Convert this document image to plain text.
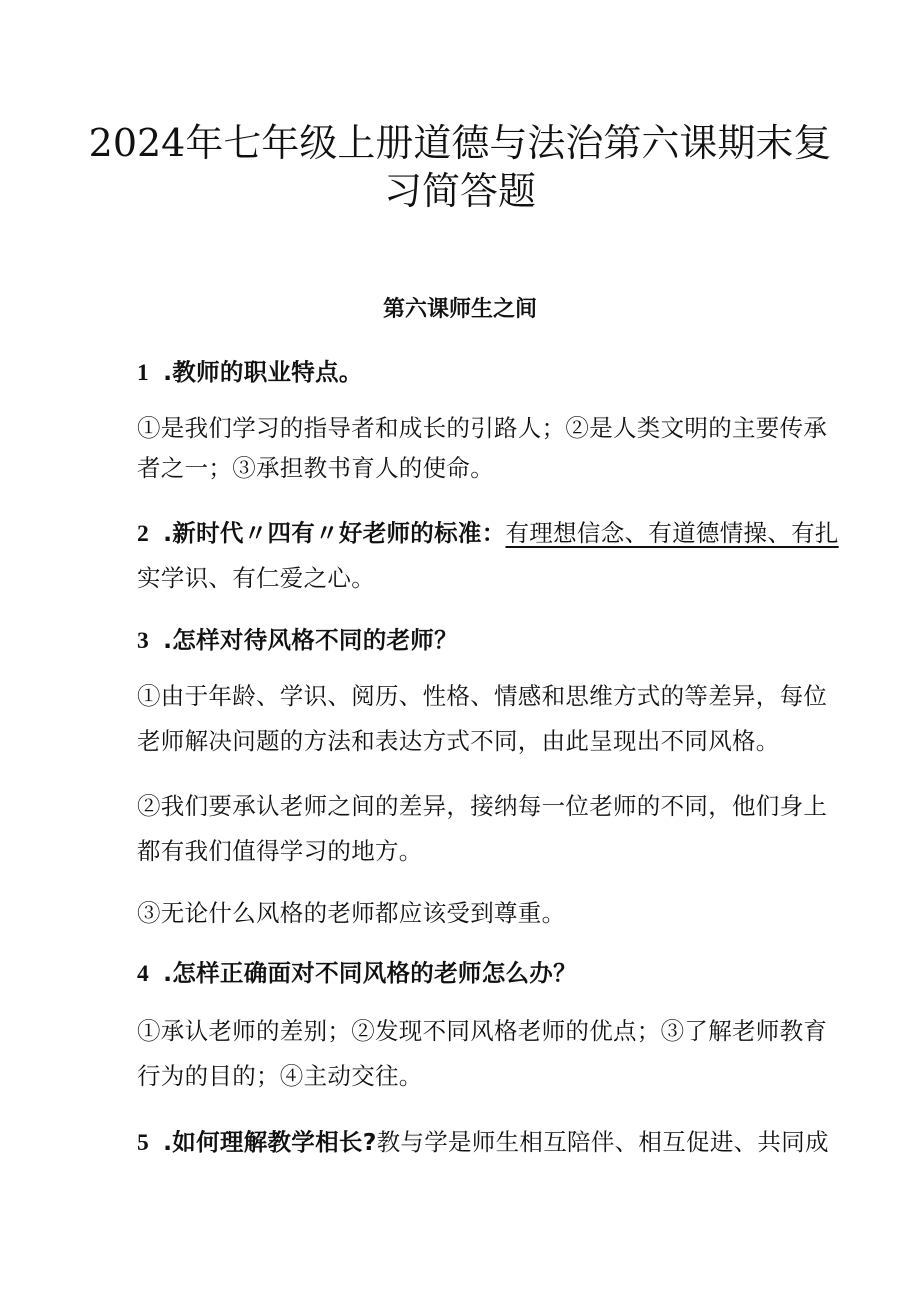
2024年七年级上册道德与法治第六课期末复
习简答题
第六课师生之间
1 .教师的职业特点。
①是我们学习的指导者和成长的引路人；②是人类文明的主要传承
者之一；③承担教书育人的使命。
2 .新时代〃四有〃好老师的标准：有理想信念、有道德情操、有扎
实学识、有仁爱之心。
3 .怎样对待风格不同的老师？
①由于年龄、学识、阅历、性格、情感和思维方式的等差异，每位
老师解决问题的方法和表达方式不同，由此呈现出不同风格。
②我们要承认老师之间的差异，接纳每一位老师的不同，他们身上
都有我们值得学习的地方。
③无论什么风格的老师都应该受到尊重。
4 .怎样正确面对不同风格的老师怎么办？
①承认老师的差别；②发现不同风格老师的优点；③了解老师教育
行为的目的；④主动交往。
5 .如何理解教学相长?教与学是师生相互陪伴、相互促进、共同成
